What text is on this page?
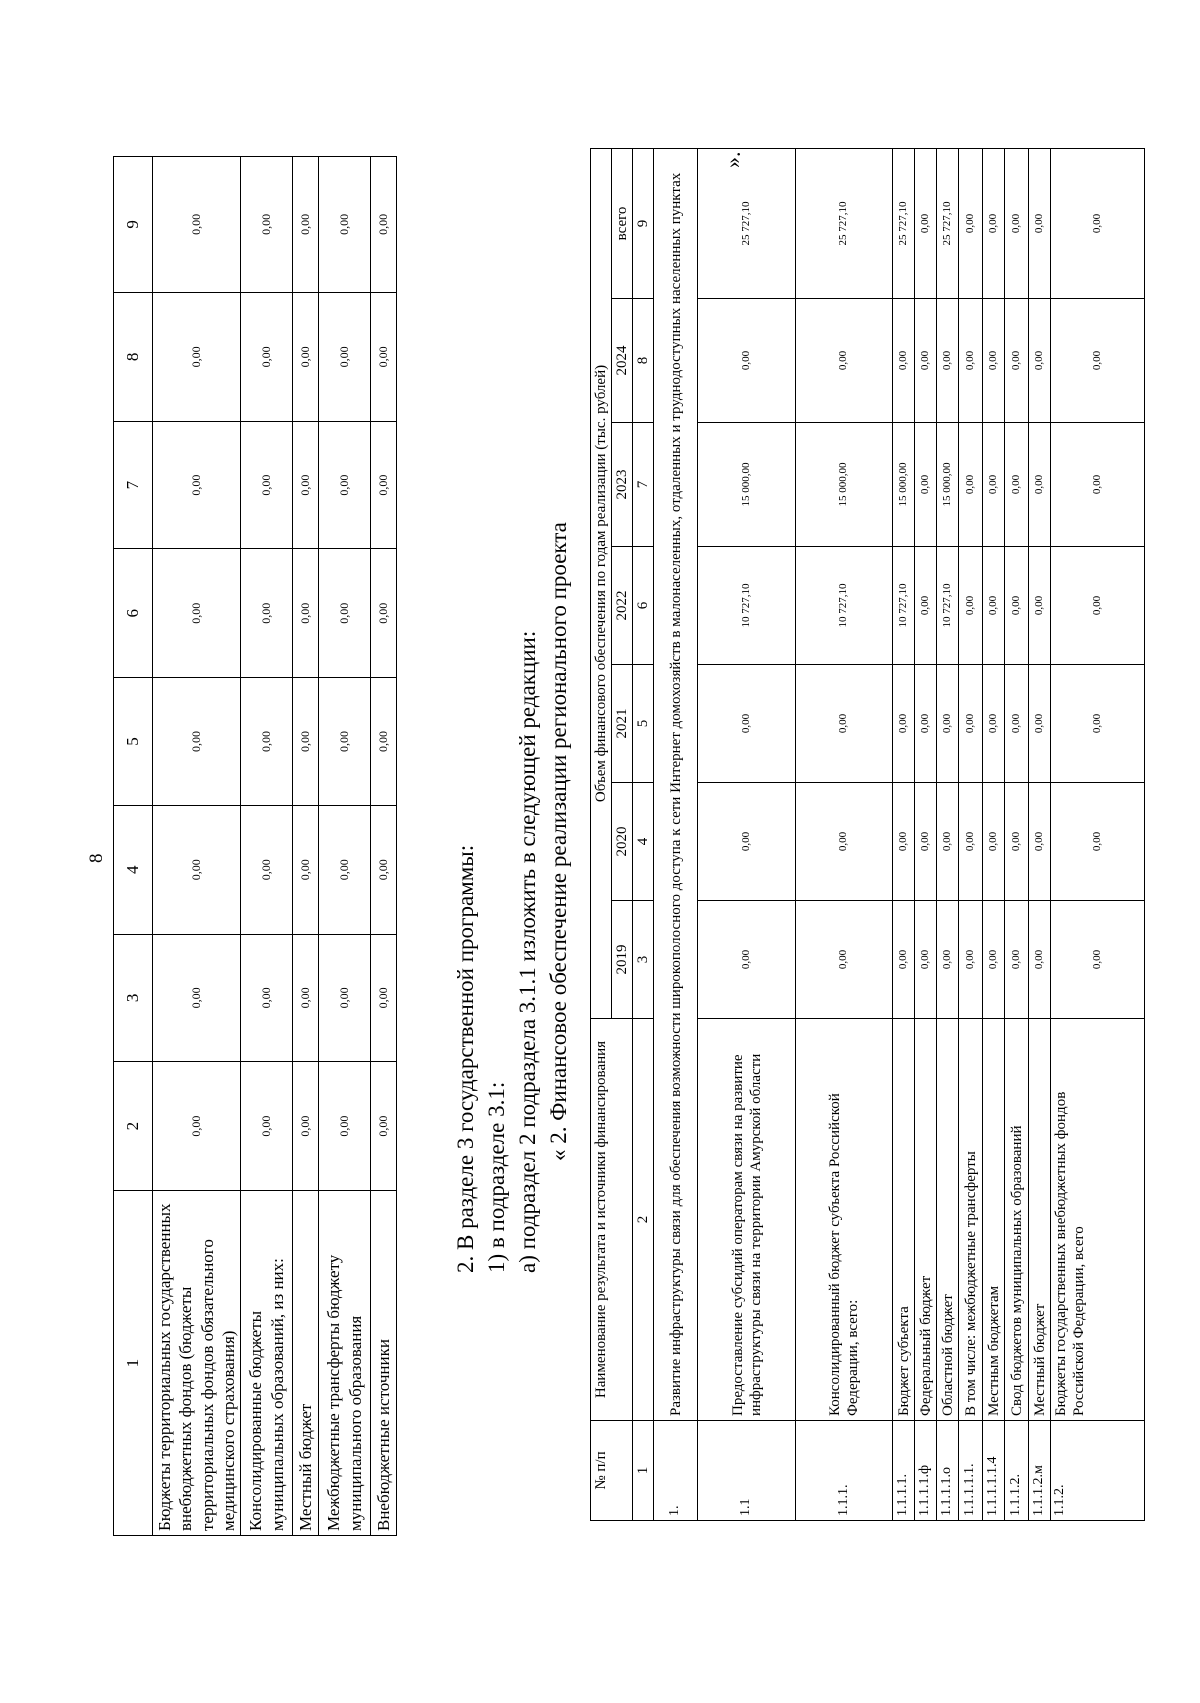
8
1	2	3	4	5	6	7	8	9
Бюджеты территориальных государственных внебюджетных фондов (бюджеты территориальных фондов обязательного медицинского страхования)	0,00	0,00	0,00	0,00	0,00	0,00	0,00	0,00
Консолидированные бюджеты муниципальных образований, из них:	0,00	0,00	0,00	0,00	0,00	0,00	0,00	0,00
Местный бюджет	0,00	0,00	0,00	0,00	0,00	0,00	0,00	0,00
Межбюджетные трансферты бюджету муниципального образования	0,00	0,00	0,00	0,00	0,00	0,00	0,00	0,00
Внебюджетные источники	0,00	0,00	0,00	0,00	0,00	0,00	0,00	0,00
».
2. В разделе 3 государственной программы: 1) в подразделе 3.1: а) подраздел 2 подраздела 3.1.1 изложить в следующей редакции: « 2. Финансовое обеспечение реализации регионального проекта
№ п/п	Наименование результата и источники финансирования	Объем финансового обеспечения по годам реализации (тыс. рублей)						
		2019	2020	2021	2022	2023	2024	всего
1	2	3	4	5	6	7	8	9
1.	Развитие инфраструктуры связи для обеспечения возможности широкополосного доступа к сети Интернет домохозяйств в малонаселенных, отдаленных и труднодоступных населенных пунктах							
1.1	Предоставление субсидий операторам связи на развитие инфраструктуры связи на территории Амурской области	0,00	0,00	0,00	10 727,10	15 000,00	0,00	25 727,10
1.1.1.	Консолидированный бюджет субъекта Российской Федерации, всего:	0,00	0,00	0,00	10 727,10	15 000,00	0,00	25 727,10
1.1.1.1.	Бюджет субъекта	0,00	0,00	0,00	10 727,10	15 000,00	0,00	25 727,10
1.1.1.1.ф	Федеральный бюджет	0,00	0,00	0,00	0,00	0,00	0,00	0,00
1.1.1.1.о	Областной бюджет	0,00	0,00	0,00	10 727,10	15 000,00	0,00	25 727,10
1.1.1.1.1.	В том числе: межбюджетные трансферты	0,00	0,00	0,00	0,00	0,00	0,00	0,00
1.1.1.1.1.4	Местным бюджетам	0,00	0,00	0,00	0,00	0,00	0,00	0,00
1.1.1.2.	Свод бюджетов муниципальных образований	0,00	0,00	0,00	0,00	0,00	0,00	0,00
1.1.1.2.м	Местный бюджет	0,00	0,00	0,00	0,00	0,00	0,00	0,00
1.1.2.	Бюджеты государственных внебюджетных фондов Российской Федерации, всего	0,00	0,00	0,00	0,00	0,00	0,00	0,00
